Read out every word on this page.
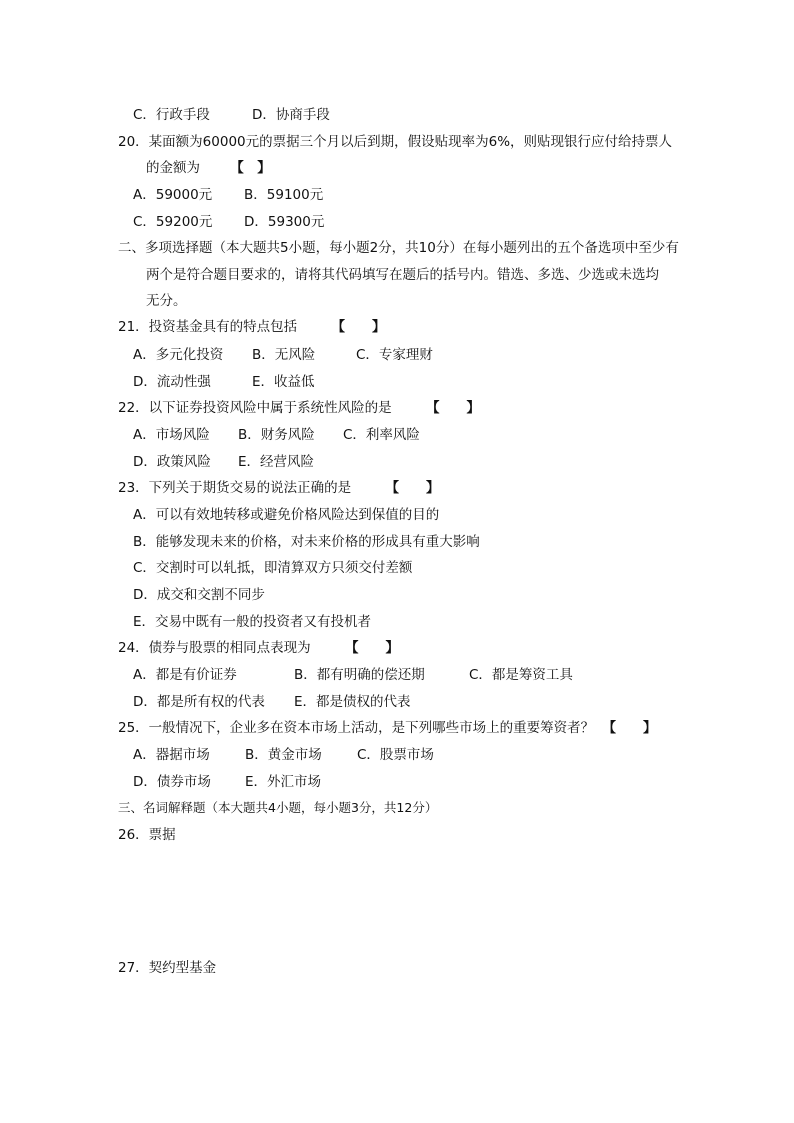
C．行政手段	D．协商手段
20．某面额为60000元的票据三个月以后到期，假设贴现率为6%，则贴现银行应付给持票人
的金额为 【　】
A．59000元 B．59100元
C．59200元 D．59300元
二、多项选择题（本大题共5小题，每小题2分，共10分）在每小题列出的五个备选项中至少有
两个是符合题目要求的，请将其代码填写在题后的括号内。错选、多选、少选或未选均
无分。
21．投资基金具有的特点包括	【　　】
A．多元化投资 B．无风险	C．专家理财
D．流动性强	E．收益低
22．以下证券投资风险中属于系统性风险的是	【　　】
A．市场风险 B．财务风险 C．利率风险
D．政策风险 E．经营风险
23．下列关于期货交易的说法正确的是	【　　】
A．可以有效地转移或避免价格风险达到保值的目的
B．能够发现未来的价格，对未来价格的形成具有重大影响
C．交割时可以轧抵，即清算双方只须交付差额
D．成交和交割不同步
E．交易中既有一般的投资者又有投机者
24．债券与股票的相同点表现为	【　　】
A．都是有价证券	B．都有明确的偿还期	C．都是筹资工具
D．都是所有权的代表 E．都是债权的代表
25．一般情况下，企业多在资本市场上活动，是下列哪些市场上的重要筹资者？ 【　　】
A．器据市场	B．黄金市场	C．股票市场
D．债券市场	E．外汇市场
三、名词解释题（本大题共4小题，每小题3分，共12分）
26．票据
27．契约型基金
